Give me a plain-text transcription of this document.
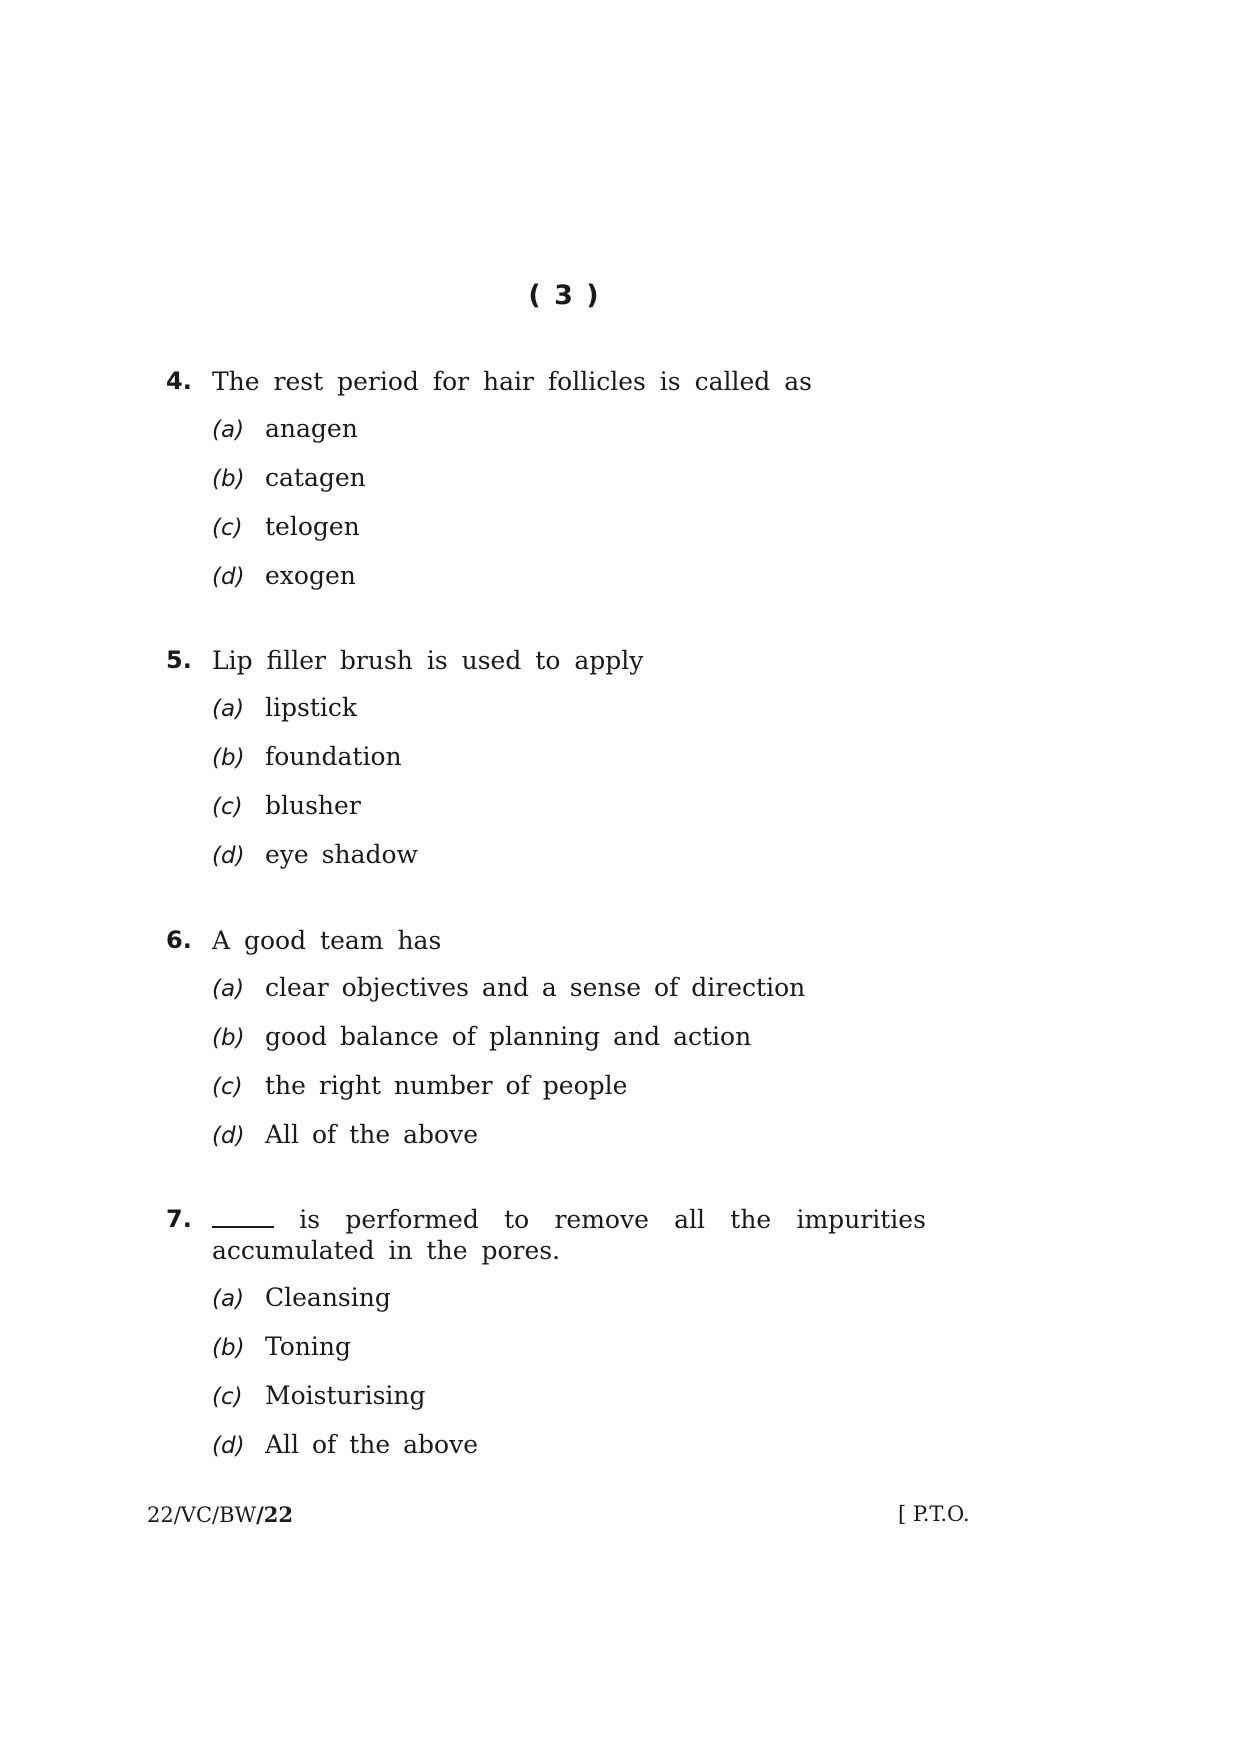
( 3 )
4. The rest period for hair follicles is called as
(a) anagen
(b) catagen
(c) telogen
(d) exogen
5. Lip filler brush is used to apply
(a) lipstick
(b) foundation
(c) blusher
(d) eye shadow
6. A good team has
(a) clear objectives and a sense of direction
(b) good balance of planning and action
(c) the right number of people
(d) All of the above
7.	is performed to remove all the impurities
accumulated in the pores.
(a) Cleansing
(b) Toning
(c) Moisturising
(d) All of the above
22/VC/BW/22	[ P.T.O.
